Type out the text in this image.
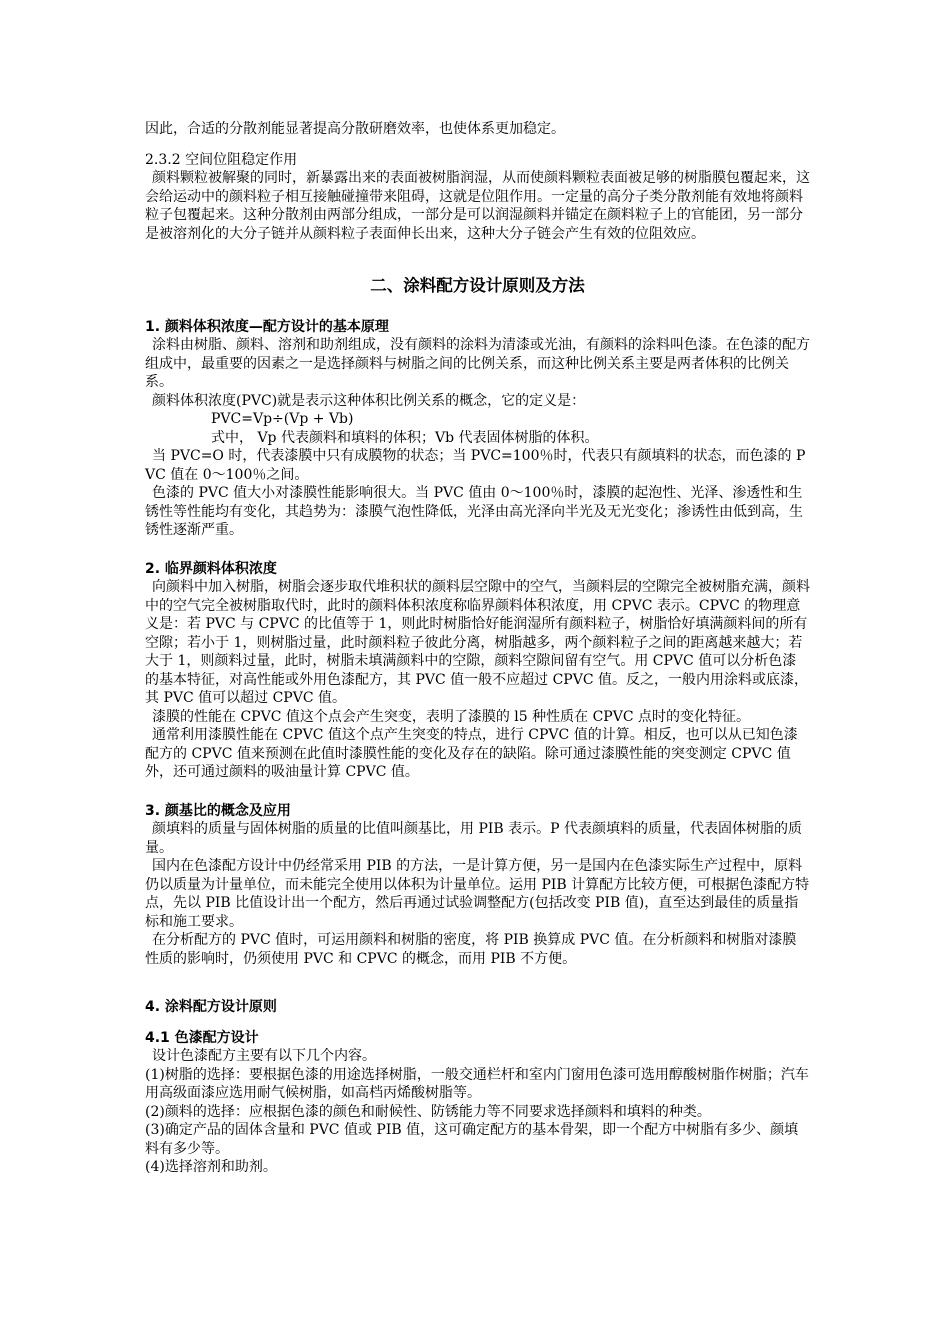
因此，合适的分散剂能显著提高分散研磨效率，也使体系更加稳定。

2.3.2 空间位阻稳定作用

颜料颗粒被解聚的同时，新暴露出来的表面被树脂润湿，从而使颜料颗粒表面被足够的树脂膜包覆起来，这会给运动中的颜料粒子相互接触碰撞带来阻碍，这就是位阻作用。一定量的高分子类分散剂能有效地将颜料粒子包覆起来。这种分散剂由两部分组成，一部分是可以润湿颜料并锚定在颜料粒子上的官能团，另一部分是被溶剂化的大分子链并从颜料粒子表面伸长出来，这种大分子链会产生有效的位阻效应。

二、涂料配方设计原则及方法

1. 颜料体积浓度—配方设计的基本原理

涂料由树脂、颜料、溶剂和助剂组成，没有颜料的涂料为清漆或光油，有颜料的涂料叫色漆。在色漆的配方组成中，最重要的因素之一是选择颜料与树脂之间的比例关系，而这种比例关系主要是两者体积的比例关系。

颜料体积浓度(PVC)就是表示这种体积比例关系的概念，它的定义是：

PVC=Vp÷(Vp + Vb)

式中， Vp 代表颜料和填料的体积；Vb 代表固体树脂的体积。

当 PVC=O 时，代表漆膜中只有成膜物的状态；当 PVC=100％时，代表只有颜填料的状态，而色漆的 P VC 值在 0～100％之间。

色漆的 PVC 值大小对漆膜性能影响很大。当 PVC 值由 0～100％时，漆膜的起泡性、光泽、渗透性和生锈性等性能均有变化，其趋势为：漆膜气泡性降低，光泽由高光泽向半光及无光变化；渗诱性由低到高，生锈性逐渐严重。

2. 临界颜料体积浓度

向颜料中加入树脂，树脂会逐步取代堆积状的颜料层空隙中的空气，当颜料层的空隙完全被树脂充满，颜料中的空气完全被树脂取代时，此时的颜料体积浓度称临界颜料体积浓度，用 CPVC 表示。CPVC 的物理意义是：若 PVC 与 CPVC 的比值等于 1，则此时树脂恰好能润湿所有颜料粒子，树脂恰好填满颜料间的所有空隙；若小于 1，则树脂过量，此时颜料粒子彼此分离，树脂越多，两个颜料粒子之间的距离越来越大；若大于 1，则颜料过量，此时，树脂未填满颜料中的空隙，颜料空隙间留有空气。用 CPVC 值可以分析色漆的基本特征，对高性能或外用色漆配方，其 PVC 值一般不应超过 CPVC 值。反之，一般内用涂料或底漆，其 PVC 值可以超过 CPVC 值。

漆膜的性能在 CPVC 值这个点会产生突变，表明了漆膜的 l5 种性质在 CPVC 点时的变化特征。

通常利用漆膜性能在 CPVC 值这个点产生突变的特点，进行 CPVC 值的计算。相反，也可以从已知色漆配方的 CPVC 值来预测在此值时漆膜性能的变化及存在的缺陷。除可通过漆膜性能的突变测定 CPVC 值外，还可通过颜料的吸油量计算 CPVC 值。

3. 颜基比的概念及应用

颜填料的质量与固体树脂的质量的比值叫颜基比，用 PIB 表示。P 代表颜填料的质量，代表固体树脂的质量。

国内在色漆配方设计中仍经常采用 PIB 的方法，一是计算方便，另一是国内在色漆实际生产过程中，原料仍以质量为计量单位，而未能完全使用以体积为计量单位。运用 PIB 计算配方比较方便，可根据色漆配方特点，先以 PIB 比值设计出一个配方，然后再通过试验调整配方(包括改变 PIB 值)，直至达到最佳的质量指标和施工要求。

在分析配方的 PVC 值时，可运用颜料和树脂的密度，将 PIB 换算成 PVC 值。在分析颜料和树脂对漆膜性质的影响时，仍须使用 PVC 和 CPVC 的概念，而用 PIB 不方便。

4. 涂料配方设计原则

4.1 色漆配方设计

设计色漆配方主要有以下几个内容。

(1)树脂的选择：要根据色漆的用途选择树脂，一般交通栏杆和室内门窗用色漆可选用醇酸树脂作树脂；汽车用高级面漆应选用耐气候树脂，如高档丙烯酸树脂等。

(2)颜料的选择：应根据色漆的颜色和耐候性、防锈能力等不同要求选择颜料和填料的种类。

(3)确定产品的固体含量和 PVC 值或 PIB 值，这可确定配方的基本骨架，即一个配方中树脂有多少、颜填料有多少等。

(4)选择溶剂和助剂。
